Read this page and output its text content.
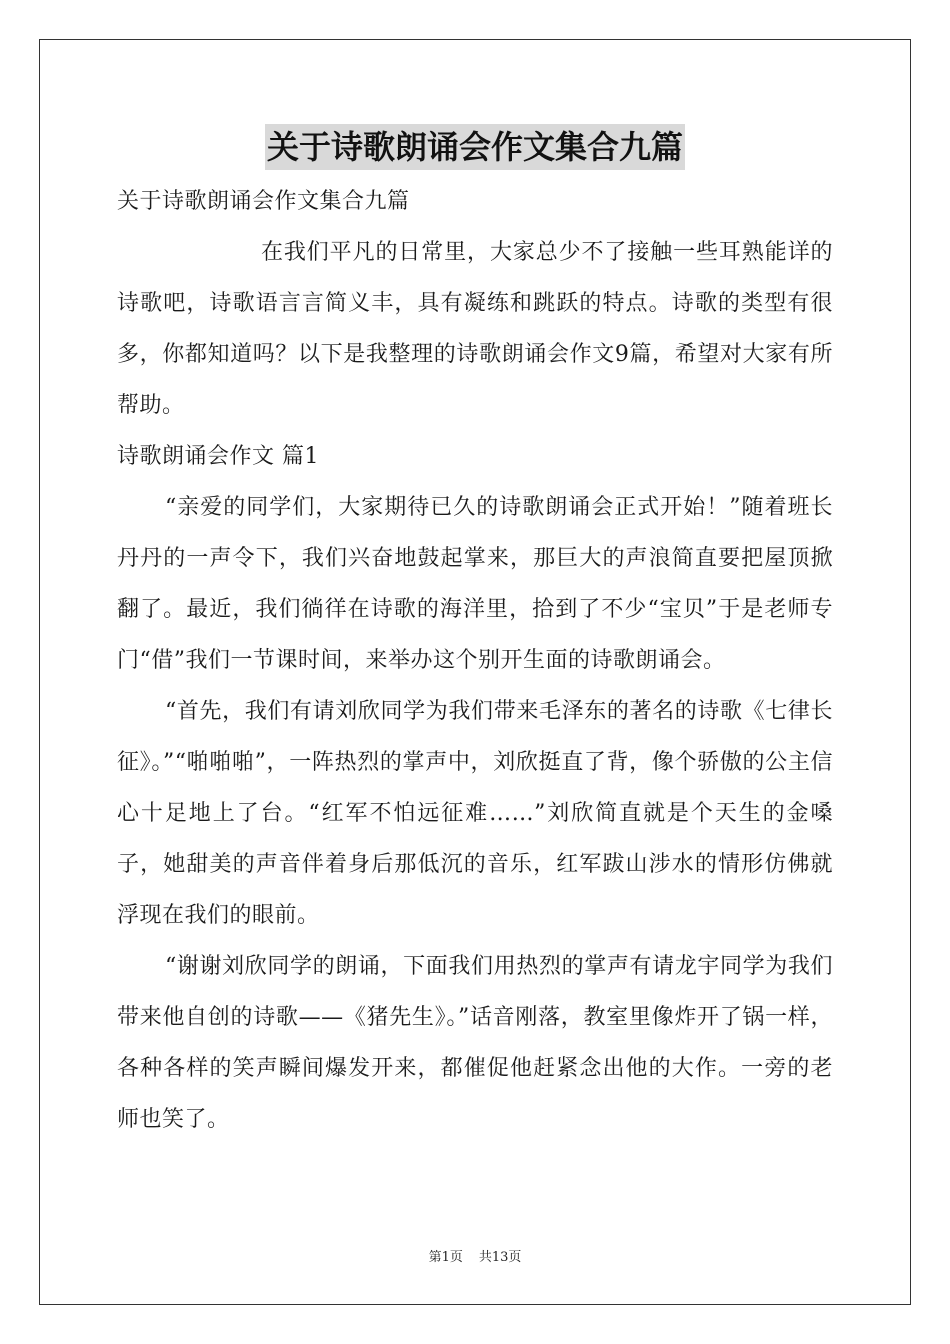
关于诗歌朗诵会作文集合九篇

关于诗歌朗诵会作文集合九篇

在我们平凡的日常里，大家总少不了接触一些耳熟能详的诗歌吧，诗歌语言言简义丰，具有凝练和跳跃的特点。诗歌的类型有很多，你都知道吗？以下是我整理的诗歌朗诵会作文9篇，希望对大家有所帮助。

诗歌朗诵会作文 篇1

“亲爱的同学们，大家期待已久的诗歌朗诵会正式开始！”随着班长丹丹的一声令下，我们兴奋地鼓起掌来，那巨大的声浪简直要把屋顶掀翻了。最近，我们徜徉在诗歌的海洋里，拾到了不少“宝贝”于是老师专门“借”我们一节课时间，来举办这个别开生面的诗歌朗诵会。

“首先，我们有请刘欣同学为我们带来毛泽东的著名的诗歌《七律长征》。”“啪啪啪”，一阵热烈的掌声中，刘欣挺直了背，像个骄傲的公主信心十足地上了台。“红军不怕远征难……”刘欣简直就是个天生的金嗓子，她甜美的声音伴着身后那低沉的音乐，红军跋山涉水的情形仿佛就浮现在我们的眼前。

“谢谢刘欣同学的朗诵，下面我们用热烈的掌声有请龙宇同学为我们带来他自创的诗歌——《猪先生》。”话音刚落，教室里像炸开了锅一样，各种各样的笑声瞬间爆发开来，都催促他赶紧念出他的大作。一旁的老师也笑了。

第1页 共13页
